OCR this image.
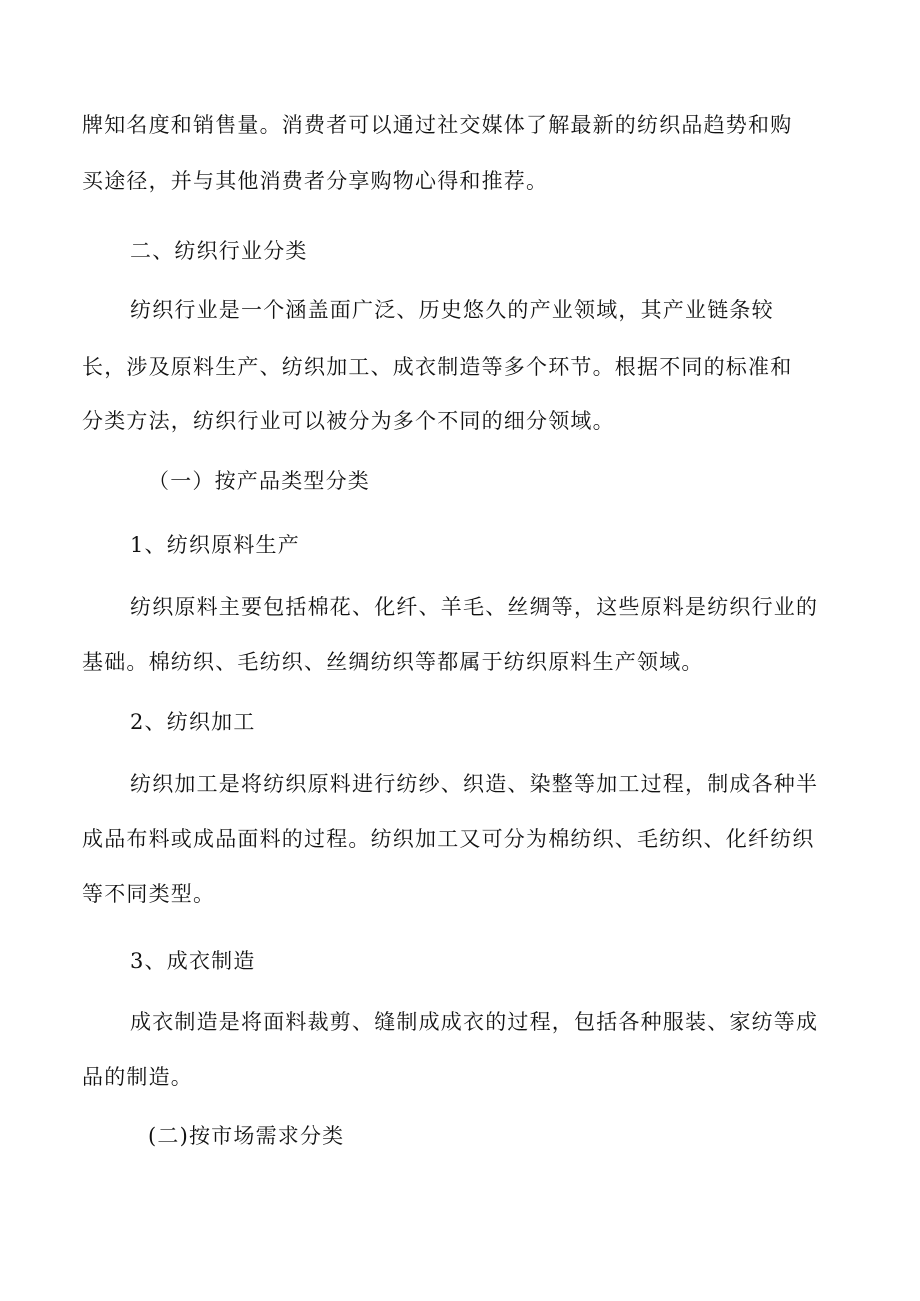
牌知名度和销售量。消费者可以通过社交媒体了解最新的纺织品趋势和购
买途径，并与其他消费者分享购物心得和推荐。
二、纺织行业分类
纺织行业是一个涵盖面广泛、历史悠久的产业领域，其产业链条较
长，涉及原料生产、纺织加工、成衣制造等多个环节。根据不同的标准和
分类方法，纺织行业可以被分为多个不同的细分领域。
（一）按产品类型分类
1、纺织原料生产
纺织原料主要包括棉花、化纤、羊毛、丝绸等，这些原料是纺织行业的
基础。棉纺织、毛纺织、丝绸纺织等都属于纺织原料生产领域。
2、纺织加工
纺织加工是将纺织原料进行纺纱、织造、染整等加工过程，制成各种半
成品布料或成品面料的过程。纺织加工又可分为棉纺织、毛纺织、化纤纺织
等不同类型。
3、成衣制造
成衣制造是将面料裁剪、缝制成成衣的过程，包括各种服装、家纺等成
品的制造。
(二)按市场需求分类
